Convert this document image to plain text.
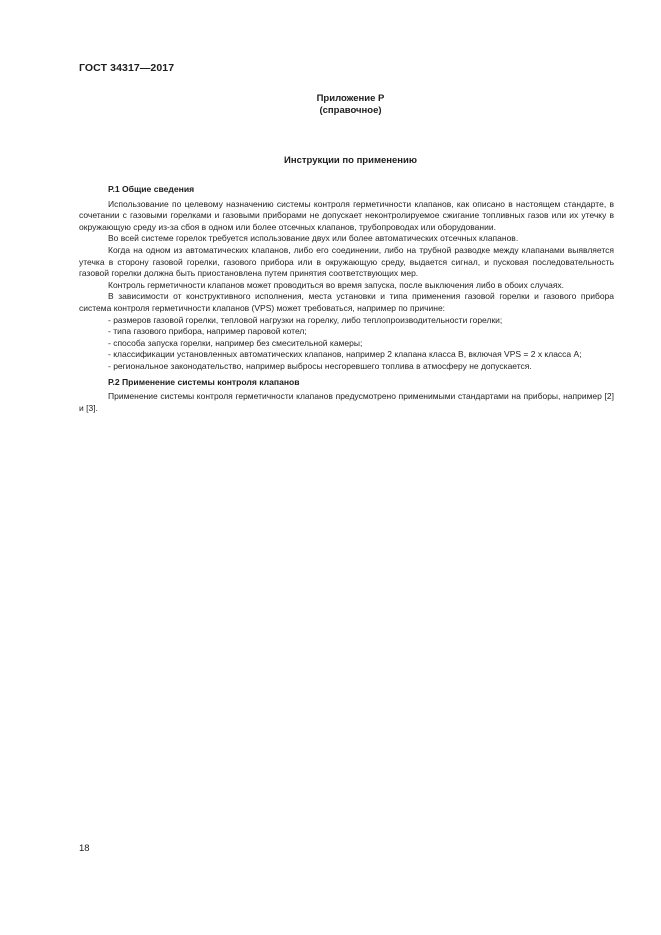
ГОСТ 34317—2017
Приложение Р
(справочное)
Инструкции по применению
Р.1 Общие сведения

Использование по целевому назначению системы контроля герметичности клапанов, как описано в настоящем стандарте, в сочетании с газовыми горелками и газовыми приборами не допускает неконтролируемое сжигание топливных газов или их утечку в окружающую среду из-за сбоя в одном или более отсечных клапанов, трубопроводах или оборудовании.

Во всей системе горелок требуется использование двух или более автоматических отсечных клапанов.

Когда на одном из автоматических клапанов, либо его соединении, либо на трубной разводке между клапанами выявляется утечка в сторону газовой горелки, газового прибора или в окружающую среду, выдается сигнал, и пусковая последовательность газовой горелки должна быть приостановлена путем принятия соответствующих мер.

Контроль герметичности клапанов может проводиться во время запуска, после выключения либо в обоих случаях.

В зависимости от конструктивного исполнения, места установки и типа применения газовой горелки и газового прибора система контроля герметичности клапанов (VPS) может требоваться, например по причине:

- размеров газовой горелки, тепловой нагрузки на горелку, либо теплопроизводительности горелки;

- типа газового прибора, например паровой котел;

- способа запуска горелки, например без смесительной камеры;

- классификации установленных автоматических клапанов, например 2 клапана класса В, включая VPS = 2 x класса А;

- региональное законодательство, например выбросы несгоревшего топлива в атмосферу не допускается.

Р.2 Применение системы контроля клапанов

Применение системы контроля герметичности клапанов предусмотрено применимыми стандартами на приборы, например [2] и [3].

18
